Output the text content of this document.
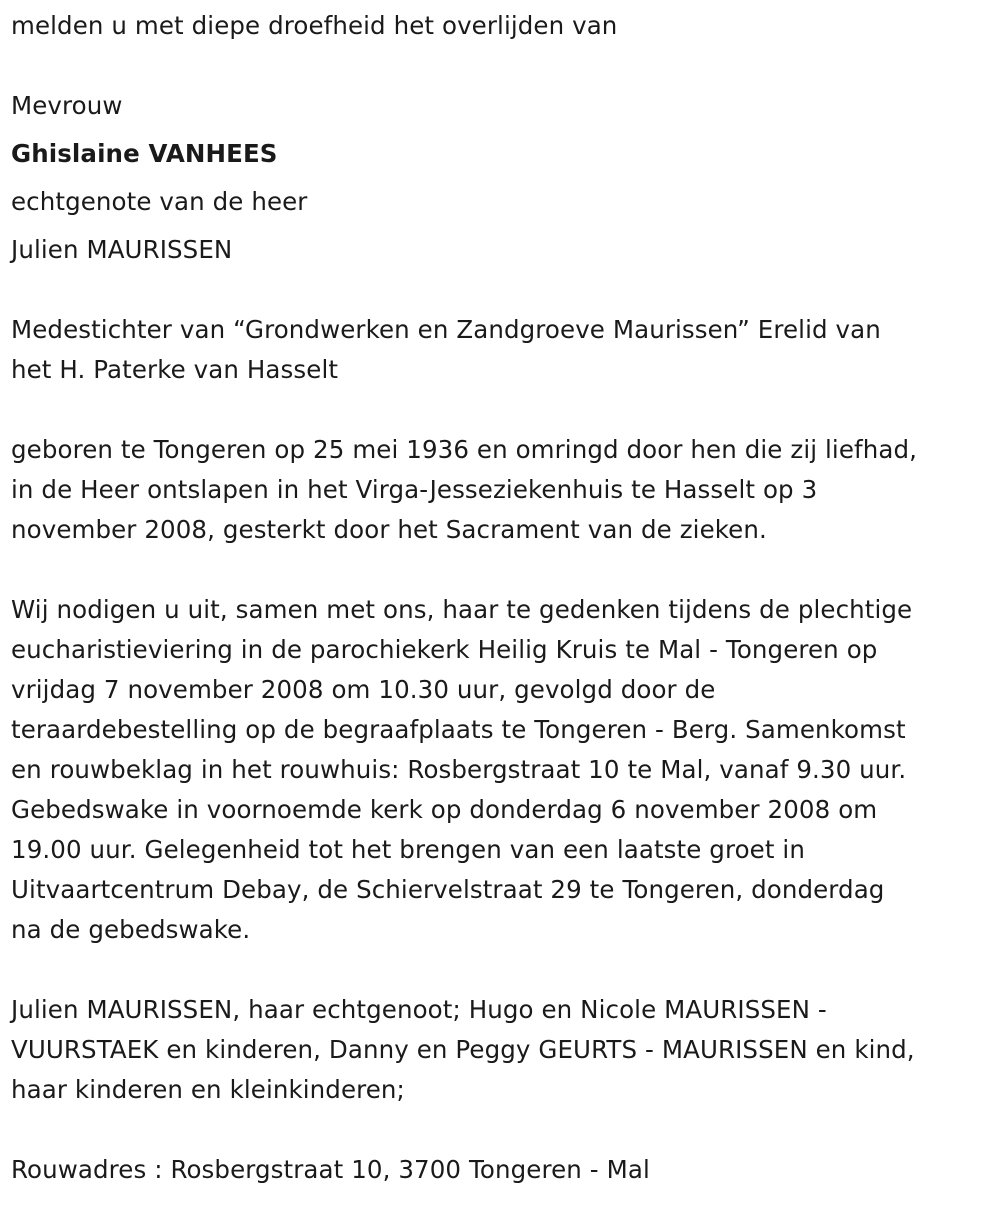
melden u met diepe droefheid het overlijden van
Mevrouw
Ghislaine VANHEES
echtgenote van de heer
Julien MAURISSEN
Medestichter van “Grondwerken en Zandgroeve Maurissen” Erelid van
het H. Paterke van Hasselt
geboren te Tongeren op 25 mei 1936 en omringd door hen die zij liefhad,
in de Heer ontslapen in het Virga-Jesseziekenhuis te Hasselt op 3
november 2008, gesterkt door het Sacrament van de zieken.
Wij nodigen u uit, samen met ons, haar te gedenken tijdens de plechtige
eucharistieviering in de parochiekerk Heilig Kruis te Mal - Tongeren op
vrijdag 7 november 2008 om 10.30 uur, gevolgd door de
teraardebestelling op de begraafplaats te Tongeren - Berg. Samenkomst
en rouwbeklag in het rouwhuis: Rosbergstraat 10 te Mal, vanaf 9.30 uur.
Gebedswake in voornoemde kerk op donderdag 6 november 2008 om
19.00 uur. Gelegenheid tot het brengen van een laatste groet in
Uitvaartcentrum Debay, de Schiervelstraat 29 te Tongeren, donderdag
na de gebedswake.
Julien MAURISSEN, haar echtgenoot; Hugo en Nicole MAURISSEN -
VUURSTAEK en kinderen, Danny en Peggy GEURTS - MAURISSEN en kind,
haar kinderen en kleinkinderen;
Rouwadres : Rosbergstraat 10, 3700 Tongeren - Mal
